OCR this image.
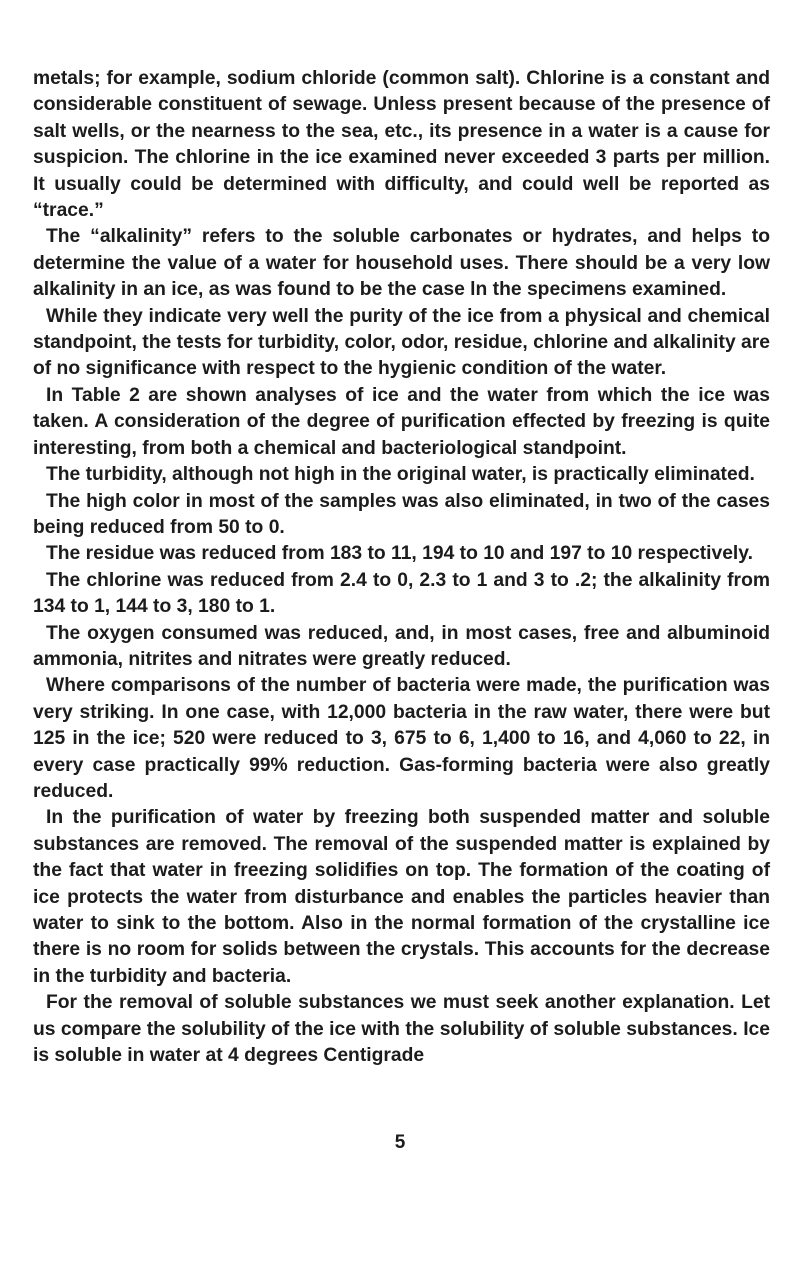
metals; for example, sodium chloride (common salt). Chlorine is a constant and considerable constituent of sewage. Unless present because of the presence of salt wells, or the nearness to the sea, etc., its presence in a water is a cause for suspicion. The chlorine in the ice examined never exceeded 3 parts per million. It usually could be determined with difficulty, and could well be reported as “trace.”

The “alkalinity” refers to the soluble carbonates or hydrates, and helps to determine the value of a water for household uses. There should be a very low alkalinity in an ice, as was found to be the case ln the specimens examined.

While they indicate very well the purity of the ice from a physical and chemical standpoint, the tests for turbidity, color, odor, residue, chlorine and alkalinity are of no significance with respect to the hygienic condition of the water.

In Table 2 are shown analyses of ice and the water from which the ice was taken. A consideration of the degree of purification effected by freezing is quite interesting, from both a chemical and bacteriological standpoint.

The turbidity, although not high in the original water, is practically eliminated.

The high color in most of the samples was also eliminated, in two of the cases being reduced from 50 to 0.

The residue was reduced from 183 to 11, 194 to 10 and 197 to 10 respectively.

The chlorine was reduced from 2.4 to 0, 2.3 to 1 and 3 to .2; the alkalinity from 134 to 1, 144 to 3, 180 to 1.

The oxygen consumed was reduced, and, in most cases, free and albuminoid ammonia, nitrites and nitrates were greatly reduced.

Where comparisons of the number of bacteria were made, the purification was very striking. In one case, with 12,000 bacteria in the raw water, there were but 125 in the ice; 520 were reduced to 3, 675 to 6, 1,400 to 16, and 4,060 to 22, in every case practically 99% reduction. Gas-forming bacteria were also greatly reduced.

In the purification of water by freezing both suspended matter and soluble substances are removed. The removal of the suspended matter is explained by the fact that water in freezing solidifies on top. The formation of the coating of ice protects the water from disturbance and enables the particles heavier than water to sink to the bottom. Also in the normal formation of the crystalline ice there is no room for solids between the crystals. This accounts for the decrease in the turbidity and bacteria.

For the removal of soluble substances we must seek another explanation. Let us compare the solubility of the ice with the solubility of soluble substances. Ice is soluble in water at 4 degrees Centigrade

5
